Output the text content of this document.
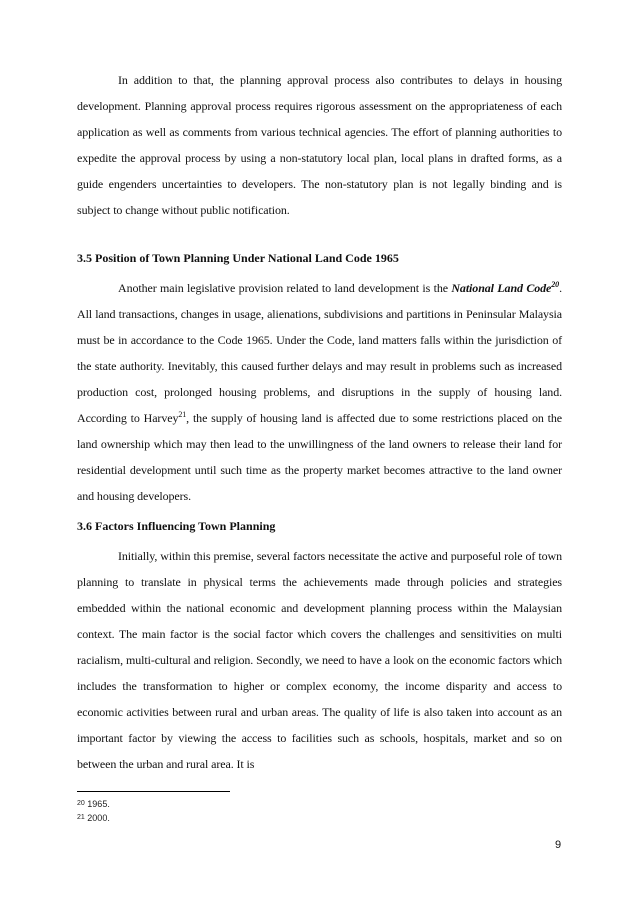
In addition to that, the planning approval process also contributes to delays in housing development. Planning approval process requires rigorous assessment on the appropriateness of each application as well as comments from various technical agencies. The effort of planning authorities to expedite the approval process by using a non-statutory local plan, local plans in drafted forms, as a guide engenders uncertainties to developers. The non-statutory plan is not legally binding and is subject to change without public notification.

3.5 Position of Town Planning Under National Land Code 1965

Another main legislative provision related to land development is the National Land Code$^{20}$. All land transactions, changes in usage, alienations, subdivisions and partitions in Peninsular Malaysia must be in accordance to the Code 1965. Under the Code, land matters falls within the jurisdiction of the state authority. Inevitably, this caused further delays and may result in problems such as increased production cost, prolonged housing problems, and disruptions in the supply of housing land. According to Harvey$^{21}$, the supply of housing land is affected due to some restrictions placed on the land ownership which may then lead to the unwillingness of the land owners to release their land for residential development until such time as the property market becomes attractive to the land owner and housing developers.

3.6 Factors Influencing Town Planning

Initially, within this premise, several factors necessitate the active and purposeful role of town planning to translate in physical terms the achievements made through policies and strategies embedded within the national economic and development planning process within the Malaysian context. The main factor is the social factor which covers the challenges and sensitivities on multi racialism, multi-cultural and religion. Secondly, we need to have a look on the economic factors which includes the transformation to higher or complex economy, the income disparity and access to economic activities between rural and urban areas. The quality of life is also taken into account as an important factor by viewing the access to facilities such as schools, hospitals, market and so on between the urban and rural area. It is

$^{20}$ 1965.
$^{21}$ 2000.
9
